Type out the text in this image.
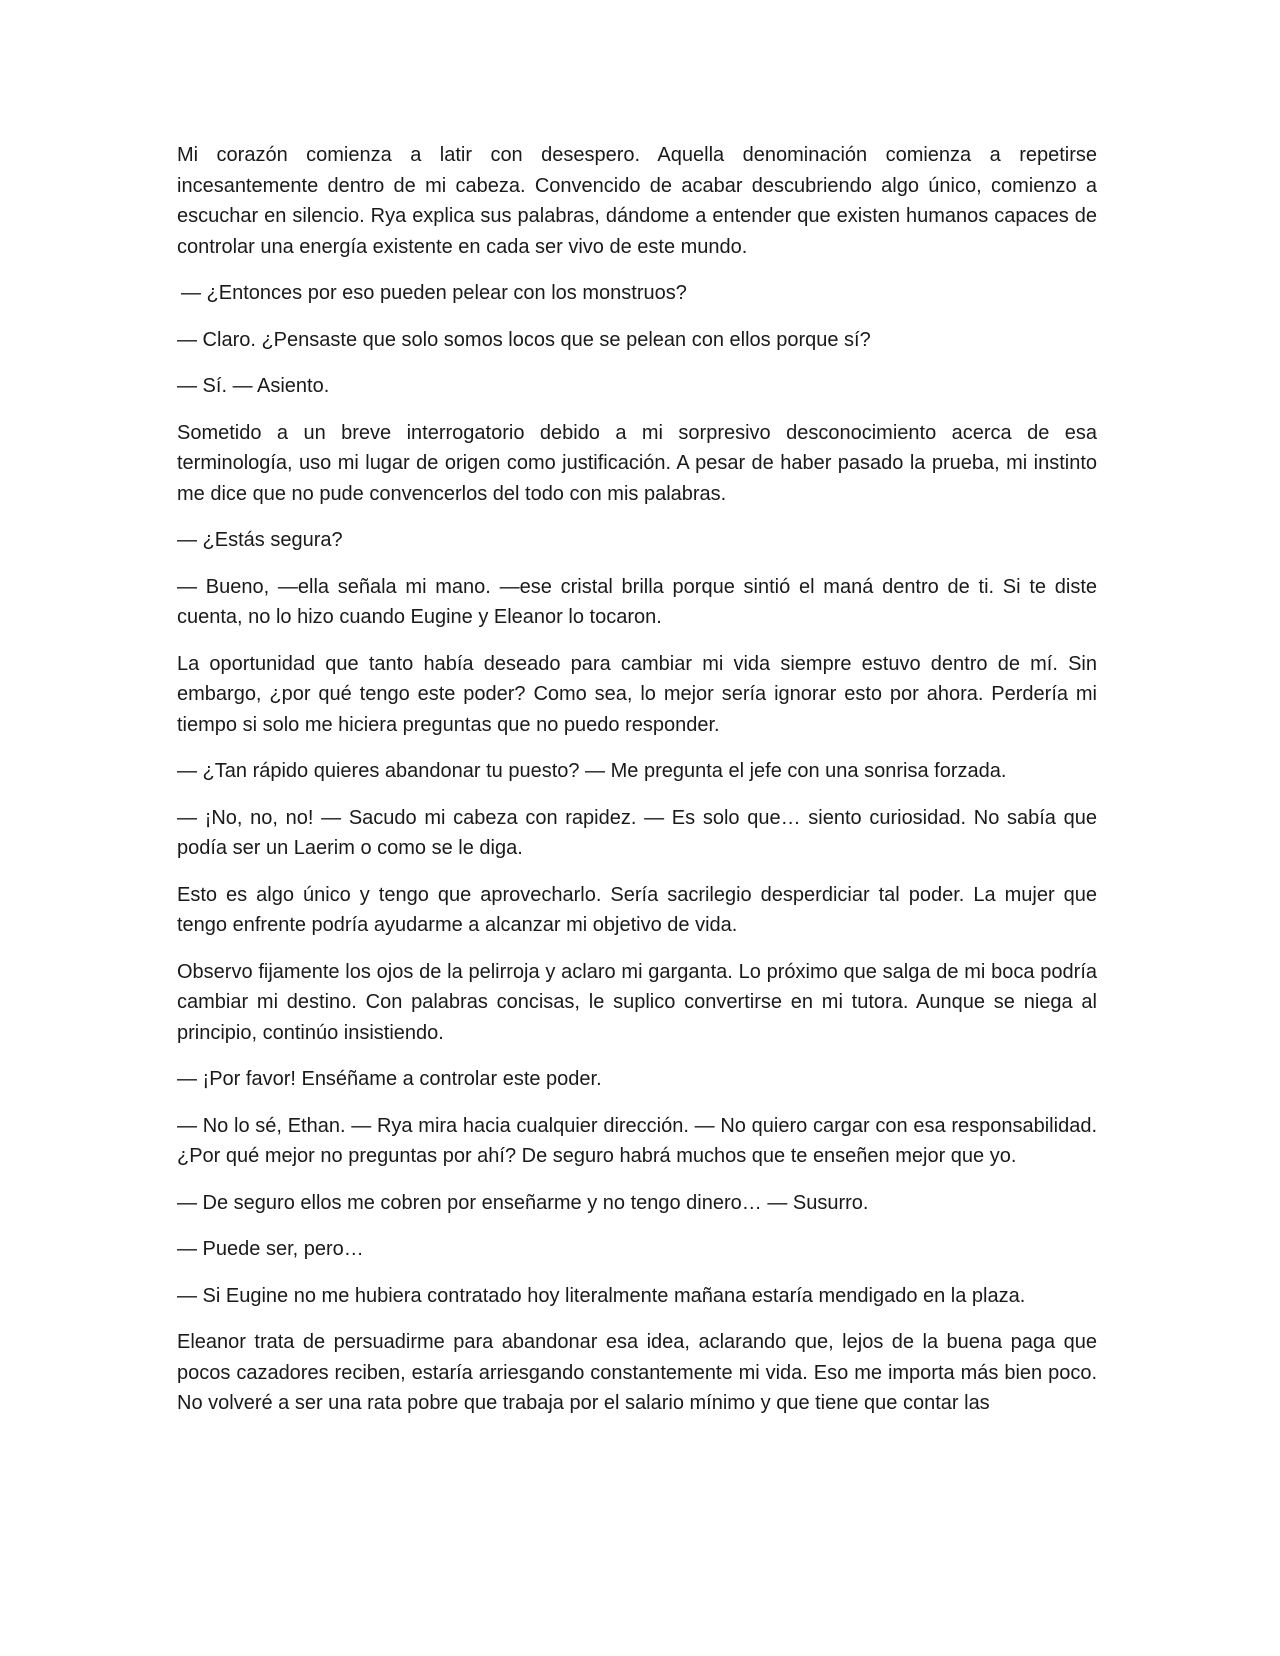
Mi corazón comienza a latir con desespero. Aquella denominación comienza a repetirse incesantemente dentro de mi cabeza. Convencido de acabar descubriendo algo único, comienzo a escuchar en silencio. Rya explica sus palabras, dándome a entender que existen humanos capaces de controlar una energía existente en cada ser vivo de este mundo.

— ¿Entonces por eso pueden pelear con los monstruos?

— Claro. ¿Pensaste que solo somos locos que se pelean con ellos porque sí?

— Sí. — Asiento.

Sometido a un breve interrogatorio debido a mi sorpresivo desconocimiento acerca de esa terminología, uso mi lugar de origen como justificación. A pesar de haber pasado la prueba, mi instinto me dice que no pude convencerlos del todo con mis palabras.

— ¿Estás segura?

— Bueno, —ella señala mi mano. —ese cristal brilla porque sintió el maná dentro de ti. Si te diste cuenta, no lo hizo cuando Eugine y Eleanor lo tocaron.

La oportunidad que tanto había deseado para cambiar mi vida siempre estuvo dentro de mí. Sin embargo, ¿por qué tengo este poder? Como sea, lo mejor sería ignorar esto por ahora. Perdería mi tiempo si solo me hiciera preguntas que no puedo responder.

— ¿Tan rápido quieres abandonar tu puesto? — Me pregunta el jefe con una sonrisa forzada.

— ¡No, no, no! — Sacudo mi cabeza con rapidez. — Es solo que… siento curiosidad. No sabía que podía ser un Laerim o como se le diga.

Esto es algo único y tengo que aprovecharlo. Sería sacrilegio desperdiciar tal poder. La mujer que tengo enfrente podría ayudarme a alcanzar mi objetivo de vida.

Observo fijamente los ojos de la pelirroja y aclaro mi garganta. Lo próximo que salga de mi boca podría cambiar mi destino. Con palabras concisas, le suplico convertirse en mi tutora. Aunque se niega al principio, continúo insistiendo.

— ¡Por favor! Enséñame a controlar este poder.

— No lo sé, Ethan. — Rya mira hacia cualquier dirección. — No quiero cargar con esa responsabilidad. ¿Por qué mejor no preguntas por ahí? De seguro habrá muchos que te enseñen mejor que yo.

— De seguro ellos me cobren por enseñarme y no tengo dinero… — Susurro.

— Puede ser, pero…

— Si Eugine no me hubiera contratado hoy literalmente mañana estaría mendigado en la plaza.

Eleanor trata de persuadirme para abandonar esa idea, aclarando que, lejos de la buena paga que pocos cazadores reciben, estaría arriesgando constantemente mi vida. Eso me importa más bien poco. No volveré a ser una rata pobre que trabaja por el salario mínimo y que tiene que contar las
